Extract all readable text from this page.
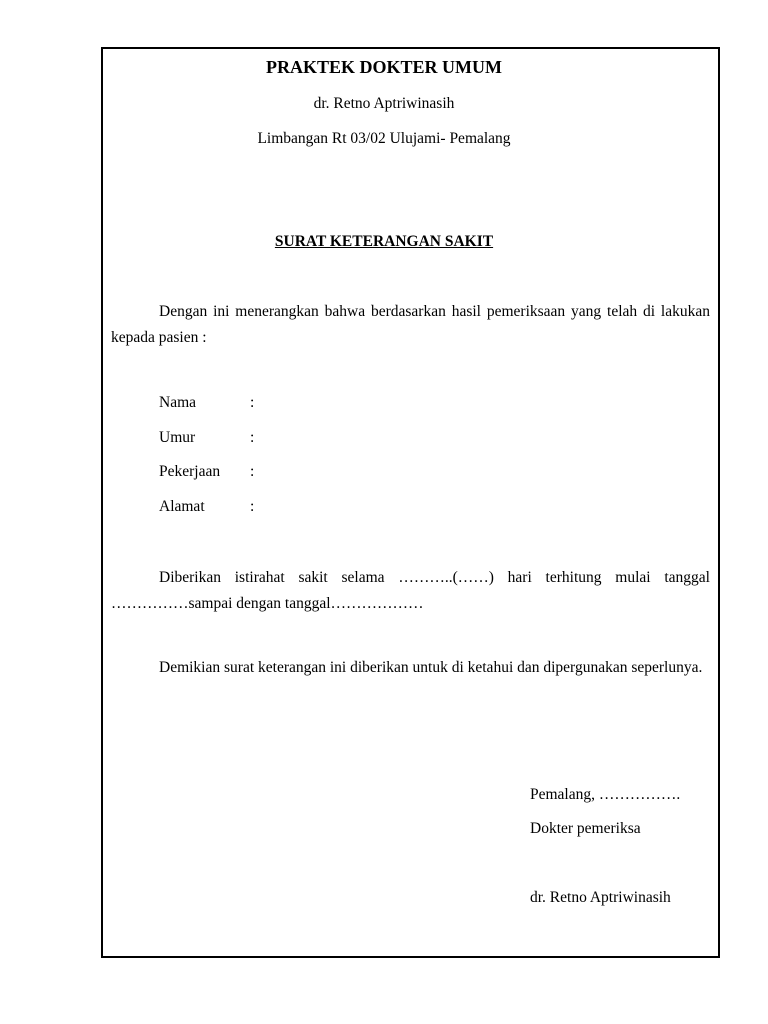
PRAKTEK DOKTER UMUM
dr. Retno Aptriwinasih
Limbangan Rt 03/02 Ulujami- Pemalang
SURAT KETERANGAN SAKIT
Dengan ini menerangkan bahwa berdasarkan hasil pemeriksaan yang telah di lakukan kepada pasien :
Nama	:
Umur	:
Pekerjaan :
Alamat	:
Diberikan istirahat sakit selama ………..(……) hari terhitung mulai tanggal ……………sampai dengan tanggal………………
Demikian surat keterangan ini diberikan untuk di ketahui dan dipergunakan seperlunya.
Pemalang, …………….
Dokter pemeriksa
dr. Retno Aptriwinasih
